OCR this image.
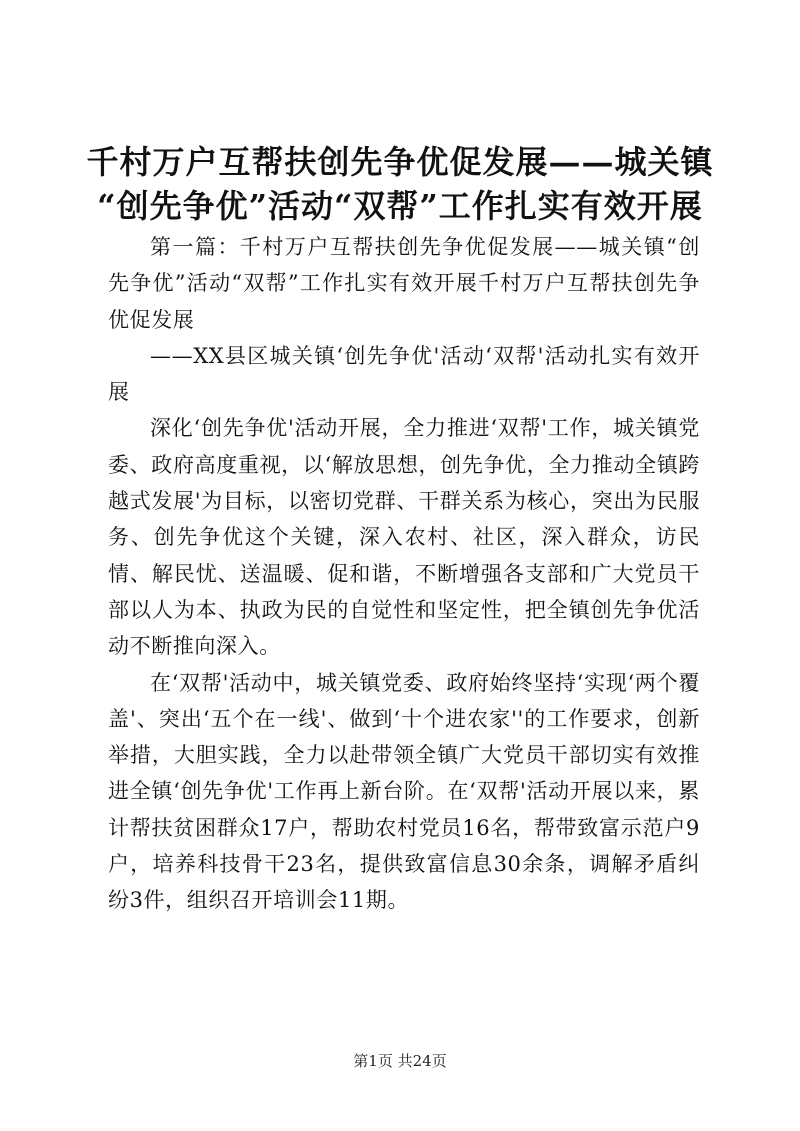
千村万户互帮扶创先争优促发展——城关镇
“创先争优”活动“双帮”工作扎实有效开展

第一篇：千村万户互帮扶创先争优促发展——城关镇“创先争优”活动“双帮”工作扎实有效开展千村万户互帮扶创先争优促发展

——XX县区城关镇‘创先争优'活动‘双帮'活动扎实有效开展

深化‘创先争优'活动开展，全力推进‘双帮'工作，城关镇党委、政府高度重视，以‘解放思想，创先争优，全力推动全镇跨越式发展'为目标，以密切党群、干群关系为核心，突出为民服务、创先争优这个关键，深入农村、社区，深入群众，访民情、解民忧、送温暖、促和谐，不断增强各支部和广大党员干部以人为本、执政为民的自觉性和坚定性，把全镇创先争优活动不断推向深入。

在‘双帮'活动中，城关镇党委、政府始终坚持‘实现‘两个覆盖'、突出‘五个在一线'、做到‘十个进农家''的工作要求，创新举措，大胆实践，全力以赴带领全镇广大党员干部切实有效推进全镇‘创先争优'工作再上新台阶。在‘双帮'活动开展以来，累计帮扶贫困群众17户，帮助农村党员16名，帮带致富示范户9户，培养科技骨干23名，提供致富信息30余条，调解矛盾纠纷3件，组织召开培训会11期。

第1页 共24页
